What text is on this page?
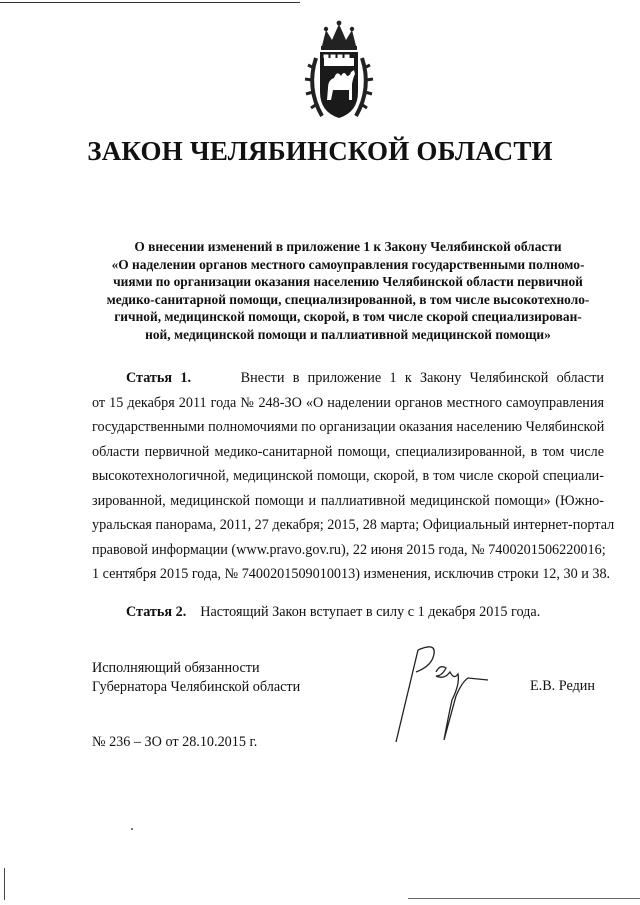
ЗАКОН ЧЕЛЯБИНСКОЙ ОБЛАСТИ
О внесении изменений в приложение 1 к Закону Челябинской области
«О наделении органов местного самоуправления государственными полномо-
чиями по организации оказания населению Челябинской области первичной
медико-санитарной помощи, специализированной, в том числе высокотехноло-
гичной, медицинской помощи, скорой, в том числе скорой специализирован-
ной, медицинской помощи и паллиативной медицинской помощи»
Статья 1.	Внести в приложение 1 к Закону Челябинской области
от 15 декабря 2011 года № 248-ЗО «О наделении органов местного самоуправления
государственными полномочиями по организации оказания населению Челябинской
области первичной медико-санитарной помощи, специализированной, в том числе
высокотехнологичной, медицинской помощи, скорой, в том числе скорой специали-
зированной, медицинской помощи и паллиативной медицинской помощи» (Южно-
уральская панорама, 2011, 27 декабря; 2015, 28 марта; Официальный интернет-портал
правовой информации (www.pravo.gov.ru), 22 июня 2015 года, № 7400201506220016;
1 сентября 2015 года, № 7400201509010013) изменения, исключив строки 12, 30 и 38.
Статья 2. Настоящий Закон вступает в силу с 1 декабря 2015 года.
Исполняющий обязанности
Губернатора Челябинской области	Е.В. Редин
№ 236 – ЗО от 28.10.2015 г.
